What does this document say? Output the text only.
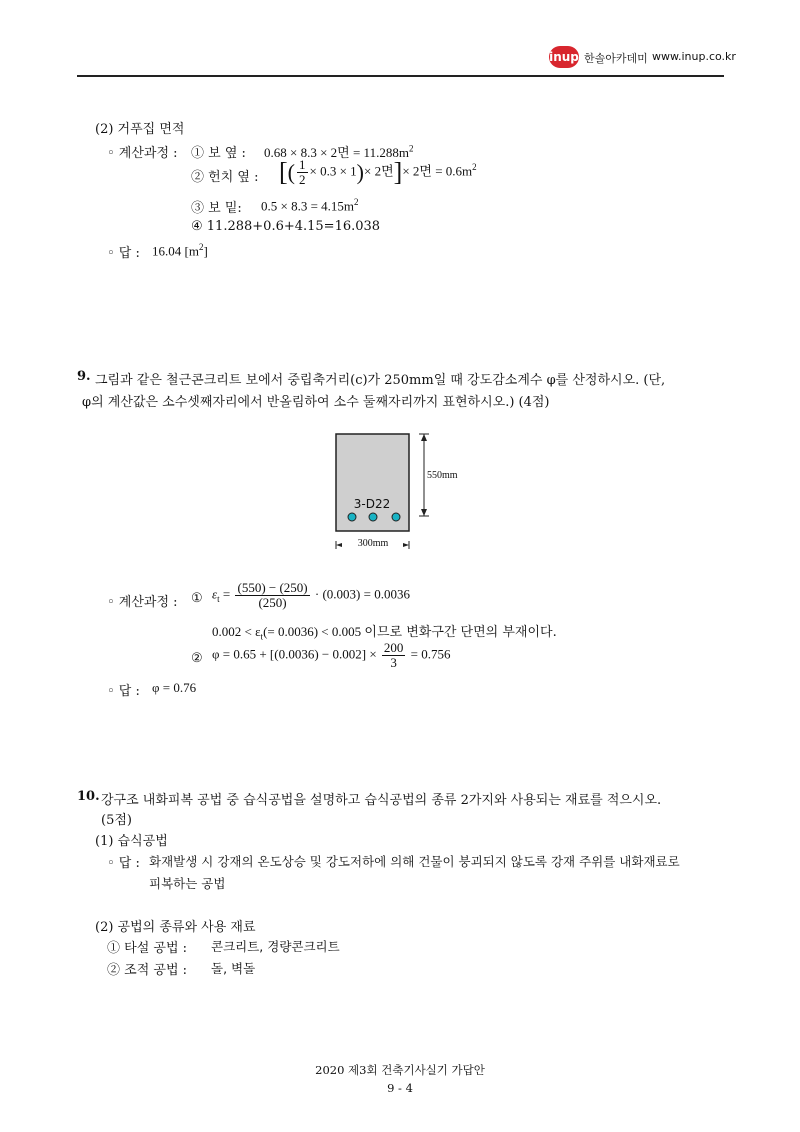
inup 한솔아카데미 www.inup.co.kr
(2) 거푸집 면적
◦ 계산과정 : ① 보 옆 : 0.68 × 8.3 × 2면 = $11.288m^2$
② 헌치 옆 : [( $\frac{1}{2} \times 0.3 \times 1)\times 2$면]× 2면 = $0.6m^2$
③ 보 밑: $0.5 \times 8.3 = 4.15m^2$
④ 11.288+0.6+4.15=16.038
◦ 답 : 16.04 $[m^2]$
9. 그림과 같은 철근콘크리트 보에서 중립축거리(c)가 250mm일 때 강도감소계수 φ를 산정하시오. (단,
φ의 계산값은 소수셋째자리에서 반올림하여 소수 둘째자리까지 표현하시오.) (4점)
3-D22
550mm
300mm
◦ 계산과정 : ① $\varepsilon_t = \frac{(550) - (250)}{(250)} \cdot (0.003) = 0.0036$
$0.002 < \varepsilon_t(= 0.0036) < 0.005$ 이므로 변화구간 단면의 부재이다.
② $\varphi = 0.65 + [(0.0036) - 0.002] \times \frac{200}{3} = 0.756$
◦ 답 : φ = 0.76
10. 강구조 내화피복 공법 중 습식공법을 설명하고 습식공법의 종류 2가지와 사용되는 재료를 적으시오.
(5점)
(1) 습식공법
◦ 답 : 화재발생 시 강재의 온도상승 및 강도저하에 의해 건물이 붕괴되지 않도록 강재 주위를 내화재료로
피복하는 공법
(2) 공법의 종류와 사용 재료
① 타설 공법 : 콘크리트, 경량콘크리트
② 조적 공법 : 돌, 벽돌
2020 제3회 건축기사실기 가답안
9 - 4
